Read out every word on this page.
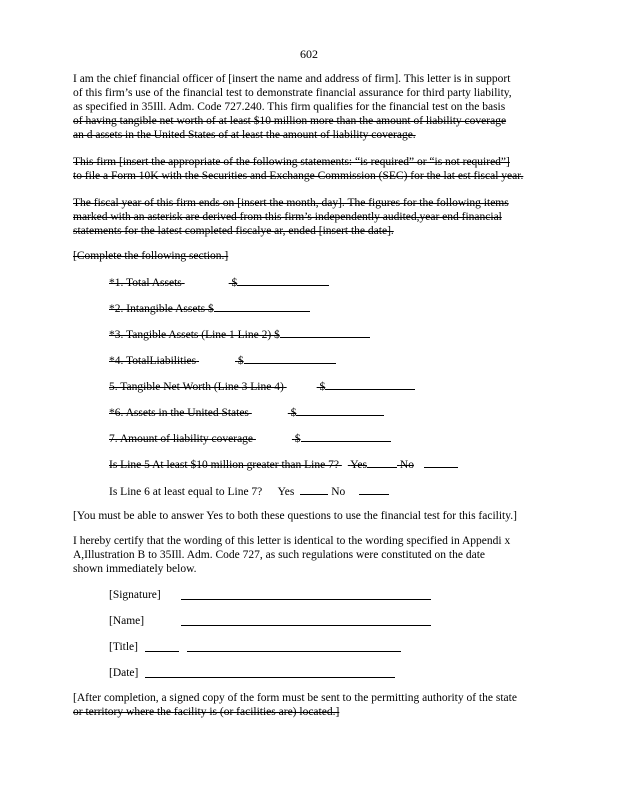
602
I am the chief financial officer of [insert the name and address of firm]. This letter is in support
of this firm’s use of the financial test to demonstrate financial assurance for third party liability,
as specified in 35Ill. Adm. Code 727.240. This firm qualifies for the financial test on the basis
of having tangible net worth of at least $10 million more than the amount of liability coverage
an d assets in the United States of at least the amount of liability coverage.
This firm [insert the appropriate of the following statements: “is required” or “is not required”]
to file a Form 10K with the Securities and Exchange Commission (SEC) for the lat est fiscal year.
The fiscal year of this firm ends on [insert the month, day]. The figures for the following items
marked with an asterisk are derived from this firm’s independently audited,year end financial
statements for the latest completed fiscalye ar, ended [insert the date].
[Complete the following section.]
*1. Total Assets	$
*2. Intangible Assets $
*3. Tangible Assets (Line 1 Line 2) $
*4. TotalLiabilities	$
5. Tangible Net Worth (Line 3 Line 4)	$
*6. Assets in the United States	$
7. Amount of liability coverage	$
Is Line 5 At least $10 million greater than Line 7? Yes	No
Is Line 6 at least equal to Line 7? Yes	No
[You must be able to answer Yes to both these questions to use the financial test for this facility.]
I hereby certify that the wording of this letter is identical to the wording specified in Appendi x
A,Illustration B to 35Ill. Adm. Code 727, as such regulations were constituted on the date
shown immediately below.
[Signature]
[Name]
[Title]
[Date]
[After completion, a signed copy of the form must be sent to the permitting authority of the state
or territory where the facility is (or facilities are) located.]
